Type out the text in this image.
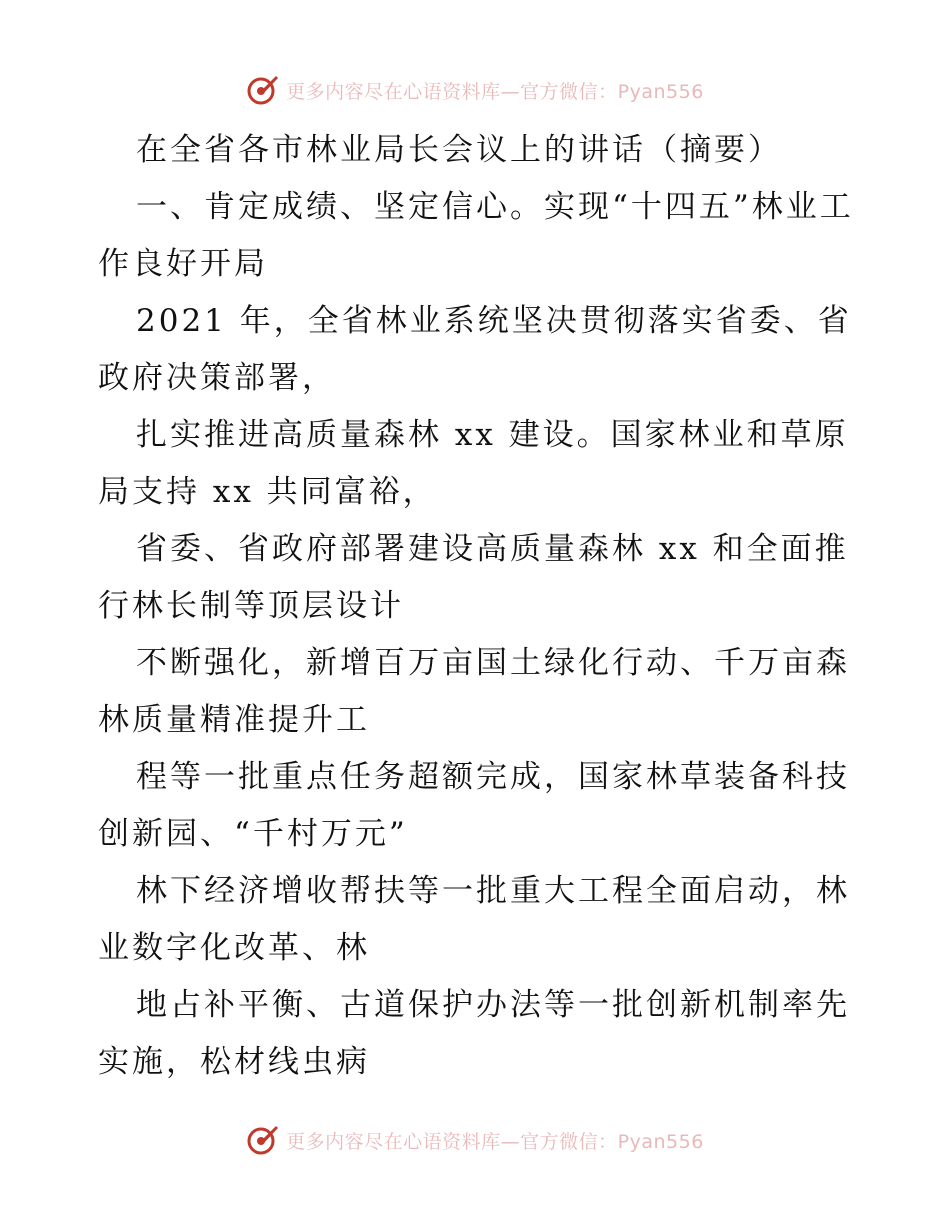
更多内容尽在心语资料库—官方微信：Pyan556

在全省各市林业局长会议上的讲话（摘要）

一、肯定成绩、坚定信心。实现“十四五”林业工作良好开局

2021 年，全省林业系统坚决贯彻落实省委、省政府决策部署，

扎实推进高质量森林 xx 建设。国家林业和草原局支持 xx 共同富裕，

省委、省政府部署建设高质量森林 xx 和全面推行林长制等顶层设计

不断强化，新增百万亩国土绿化行动、千万亩森林质量精准提升工

程等一批重点任务超额完成，国家林草装备科技创新园、“千村万元”

林下经济增收帮扶等一批重大工程全面启动，林业数字化改革、林

地占补平衡、古道保护办法等一批创新机制率先实施，松材线虫病

更多内容尽在心语资料库—官方微信：Pyan556
